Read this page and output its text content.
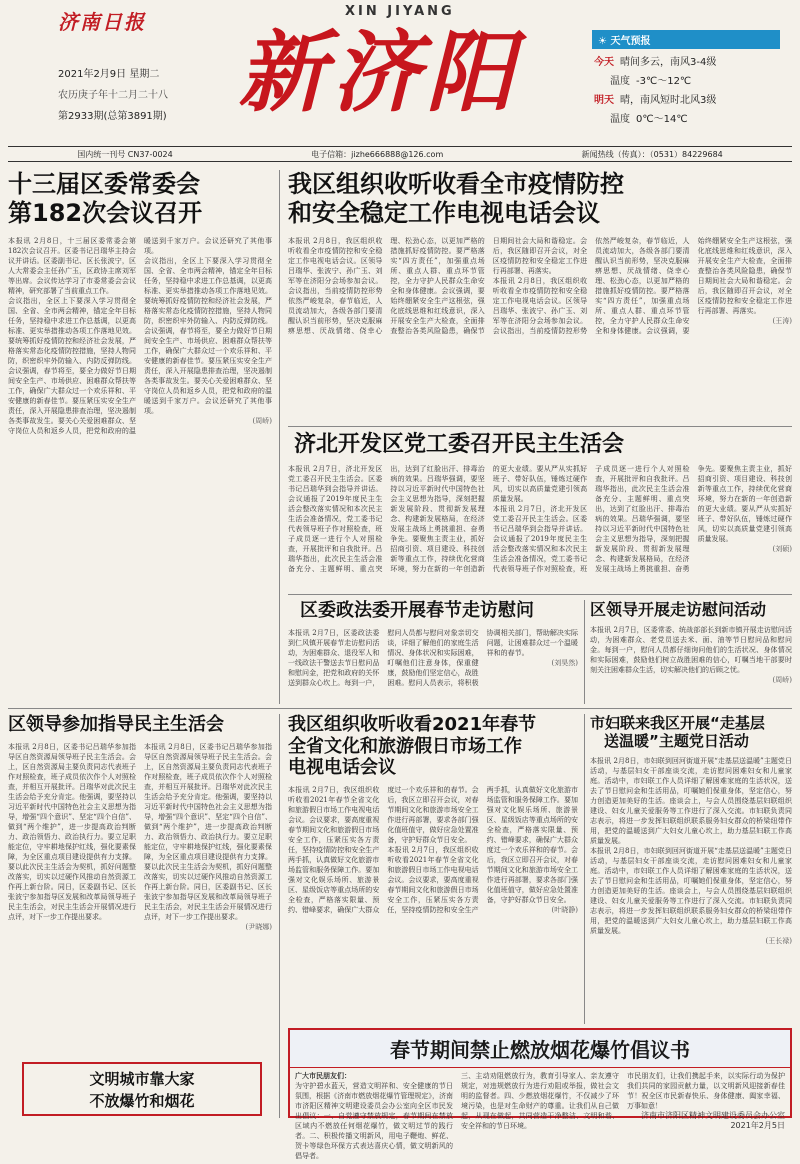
济南日报
2021年2月9日 星期二
农历庚子年十二月二十八
第2933期(总第3891期)
XIN JIYANG
新济阳	☀ 天气预报
今天 晴间多云，南风3-4级
温度 -3℃～12℃
明天 晴，南风短时北风3级
温度 0℃～14℃
国内统一刊号 CN37-0024	电子信箱：jizhe666888@126.com	新闻热线（传真）：（0531）84229684
十三届区委常委会
第182次会议召开

本报讯 2月8日，十三届区委常委会第182次会议召开。区委书记吕瑞华主持会议并讲话。区委副书记、区长张波宁，区人大常委会主任孙广玉，区政协主席刘军等出席。会议传达学习了市委常委会会议精神，研究部署了当前重点工作。

会议指出，全区上下要深入学习贯彻全国、全省、全市两会精神，锚定全年目标任务，坚持稳中求进工作总基调，以更高标准、更实举措推动各项工作落地见效。要统筹抓好疫情防控和经济社会发展，严格落实常态化疫情防控措施，坚持人物同防，织密织牢外防输入、内防反弹防线。会议强调，春节将至，要全力做好节日期间安全生产、市场供应、困难群众帮扶等工作，确保广大群众过一个欢乐祥和、平安健康的新春佳节。要压紧压实安全生产责任，深入开展隐患排查治理，坚决遏制各类事故发生。要关心关爱困难群众、坚守岗位人员和返乡人员，把党和政府的温暖送到千家万户。会议还研究了其他事项。

会议指出，全区上下要深入学习贯彻全国、全省、全市两会精神，锚定全年目标任务，坚持稳中求进工作总基调，以更高标准、更实举措推动各项工作落地见效。要统筹抓好疫情防控和经济社会发展，严格落实常态化疫情防控措施，坚持人物同防，织密织牢外防输入、内防反弹防线。会议强调，春节将至，要全力做好节日期间安全生产、市场供应、困难群众帮扶等工作，确保广大群众过一个欢乐祥和、平安健康的新春佳节。要压紧压实安全生产责任，深入开展隐患排查治理，坚决遏制各类事故发生。要关心关爱困难群众、坚守岗位人员和返乡人员，把党和政府的温暖送到千家万户。会议还研究了其他事项。

(周峤)

我区组织收听收看全市疫情防控
和安全稳定工作电视电话会议

本报讯 2月8日，我区组织收听收看全市疫情防控和安全稳定工作电视电话会议。区领导吕瑞华、张波宁、孙广玉、刘军等在济阳分会场参加会议。会议指出，当前疫情防控形势依然严峻复杂，春节临近，人员流动加大，各级各部门要清醒认识当前形势，坚决克服麻痹思想、厌战情绪、侥幸心理、松劲心态，以更加严格的措施抓好疫情防控。要严格落实“四方责任”，加强重点场所、重点人群、重点环节管控，全力守护人民群众生命安全和身体健康。会议强调，要始终绷紧安全生产这根弦，强化底线思维和红线意识，深入开展安全生产大检查，全面排查整治各类风险隐患，确保节日期间社会大局和谐稳定。会后，我区随即召开会议，对全区疫情防控和安全稳定工作进行再部署、再落实。

本报讯 2月8日，我区组织收听收看全市疫情防控和安全稳定工作电视电话会议。区领导吕瑞华、张波宁、孙广玉、刘军等在济阳分会场参加会议。会议指出，当前疫情防控形势依然严峻复杂，春节临近，人员流动加大，各级各部门要清醒认识当前形势，坚决克服麻痹思想、厌战情绪、侥幸心理、松劲心态，以更加严格的措施抓好疫情防控。要严格落实“四方责任”，加强重点场所、重点人群、重点环节管控，全力守护人民群众生命安全和身体健康。会议强调，要始终绷紧安全生产这根弦，强化底线思维和红线意识，深入开展安全生产大检查，全面排查整治各类风险隐患，确保节日期间社会大局和谐稳定。会后，我区随即召开会议，对全区疫情防控和安全稳定工作进行再部署、再落实。

(王涛)

济北开发区党工委召开民主生活会

本报讯 2月7日，济北开发区党工委召开民主生活会。区委书记吕瑞华到会指导并讲话。会议通报了2019年度民主生活会整改落实情况和本次民主生活会准备情况，党工委书记代表领导班子作对照检查，班子成员逐一进行个人对照检查，开展批评和自我批评。吕瑞华指出，此次民主生活会准备充分、主题鲜明、重点突出，达到了红脸出汗、排毒治病的效果。吕瑞华强调，要坚持以习近平新时代中国特色社会主义思想为指导，深刻把握新发展阶段、贯彻新发展理念、构建新发展格局，在经济发展主战场上勇挑重担、奋勇争先。要聚焦主责主业，抓好招商引资、项目建设、科技创新等重点工作，持续优化营商环境，努力在新的一年创造新的更大业绩。要从严从实抓好班子、带好队伍，锤炼过硬作风，切实以高质量党建引领高质量发展。

本报讯 2月7日，济北开发区党工委召开民主生活会。区委书记吕瑞华到会指导并讲话。会议通报了2019年度民主生活会整改落实情况和本次民主生活会准备情况，党工委书记代表领导班子作对照检查，班子成员逐一进行个人对照检查，开展批评和自我批评。吕瑞华指出，此次民主生活会准备充分、主题鲜明、重点突出，达到了红脸出汗、排毒治病的效果。吕瑞华强调，要坚持以习近平新时代中国特色社会主义思想为指导，深刻把握新发展阶段、贯彻新发展理念、构建新发展格局，在经济发展主战场上勇挑重担、奋勇争先。要聚焦主责主业，抓好招商引资、项目建设、科技创新等重点工作，持续优化营商环境，努力在新的一年创造新的更大业绩。要从严从实抓好班子、带好队伍，锤炼过硬作风，切实以高质量党建引领高质量发展。

(刘硕)

区委政法委开展春节走访慰问

本报讯 2月7日，区委政法委到仁风镇开展春节走访慰问活动，为困难群众、退役军人和一线政法干警送去节日慰问品和慰问金，把党和政府的关怀送到群众心坎上。每到一户，慰问人员都与慰问对象亲切交谈，详细了解他们的家庭生活情况、身体状况和实际困难，叮嘱他们注意身体，保重健康，鼓励他们坚定信心，战胜困难。慰问人员表示，将积极协调相关部门，帮助解决实际问题，让困难群众过一个温暖祥和的春节。

(刘昊然)

区领导开展走访慰问活动

本报讯 2月7日，区委常委、统战部部长到新市镇开展走访慰问活动，为困难群众、老党员送去米、面、油等节日慰问品和慰问金。每到一户，慰问人员都仔细询问他们的生活状况、身体情况和实际困难，鼓励他们树立战胜困难的信心，叮嘱当地干部要时刻关注困难群众生活，切实解决他们的后顾之忧。

(周峤)

区领导参加指导民主生活会

本报讯 2月8日，区委书记吕瑞华参加指导区自然资源局领导班子民主生活会。会上，区自然资源局主要负责同志代表班子作对照检查，班子成员依次作个人对照检查，并相互开展批评。吕瑞华对此次民主生活会给予充分肯定。他强调，要坚持以习近平新时代中国特色社会主义思想为指导，增强“四个意识”、坚定“四个自信”、做到“两个维护”，进一步提高政治判断力、政治领悟力、政治执行力。要立足职能定位，守牢耕地保护红线，强化要素保障，为全区重点项目建设提供有力支撑。要以此次民主生活会为契机，抓好问题整改落实，切实以过硬作风推动自然资源工作再上新台阶。同日，区委副书记、区长张波宁参加指导区发展和改革局领导班子民主生活会，对民主生活会开展情况进行点评，对下一步工作提出要求。

本报讯 2月8日，区委书记吕瑞华参加指导区自然资源局领导班子民主生活会。会上，区自然资源局主要负责同志代表班子作对照检查，班子成员依次作个人对照检查，并相互开展批评。吕瑞华对此次民主生活会给予充分肯定。他强调，要坚持以习近平新时代中国特色社会主义思想为指导，增强“四个意识”、坚定“四个自信”、做到“两个维护”，进一步提高政治判断力、政治领悟力、政治执行力。要立足职能定位，守牢耕地保护红线，强化要素保障，为全区重点项目建设提供有力支撑。要以此次民主生活会为契机，抓好问题整改落实，切实以过硬作风推动自然资源工作再上新台阶。同日，区委副书记、区长张波宁参加指导区发展和改革局领导班子民主生活会，对民主生活会开展情况进行点评，对下一步工作提出要求。

(尹晓娜)

文明城市靠大家
不放爆竹和烟花
我区组织收听收看2021年春节
全省文化和旅游假日市场工作
电视电话会议

本报讯 2月7日，我区组织收听收看2021年春节全省文化和旅游假日市场工作电视电话会议。会议要求，要高度重视春节期间文化和旅游假日市场安全工作，压紧压实各方责任，坚持疫情防控和安全生产两手抓，认真做好文化旅游市场监管和服务保障工作。要加强对文化娱乐场所、旅游景区、星级饭店等重点场所的安全检查，严格落实限量、预约、错峰要求，确保广大群众度过一个欢乐祥和的春节。会后，我区立即召开会议，对春节期间文化和旅游市场安全工作进行再部署，要求各部门强化值班值守，做好应急处置准备，守护好群众节日安全。

本报讯 2月7日，我区组织收听收看2021年春节全省文化和旅游假日市场工作电视电话会议。会议要求，要高度重视春节期间文化和旅游假日市场安全工作，压紧压实各方责任，坚持疫情防控和安全生产两手抓，认真做好文化旅游市场监管和服务保障工作。要加强对文化娱乐场所、旅游景区、星级饭店等重点场所的安全检查，严格落实限量、预约、错峰要求，确保广大群众度过一个欢乐祥和的春节。会后，我区立即召开会议，对春节期间文化和旅游市场安全工作进行再部署，要求各部门强化值班值守，做好应急处置准备，守护好群众节日安全。

(叶晓静)

市妇联来我区开展“走基层
送温暖”主题党日活动

本报讯 2月8日，市妇联到回河街道开展“走基层送温暖”主题党日活动，与基层妇女干部座谈交流，走访慰问困难妇女和儿童家庭。活动中，市妇联工作人员详细了解困难家庭的生活状况，送去了节日慰问金和生活用品，叮嘱她们保重身体，坚定信心，努力创造更加美好的生活。座谈会上，与会人员围绕基层妇联组织建设、妇女儿童关爱服务等工作进行了深入交流。市妇联负责同志表示，将进一步发挥妇联组织联系服务妇女群众的桥梁纽带作用，把党的温暖送到广大妇女儿童心坎上，助力基层妇联工作高质量发展。

本报讯 2月8日，市妇联到回河街道开展“走基层送温暖”主题党日活动，与基层妇女干部座谈交流，走访慰问困难妇女和儿童家庭。活动中，市妇联工作人员详细了解困难家庭的生活状况，送去了节日慰问金和生活用品，叮嘱她们保重身体，坚定信心，努力创造更加美好的生活。座谈会上，与会人员围绕基层妇联组织建设、妇女儿童关爱服务等工作进行了深入交流。市妇联负责同志表示，将进一步发挥妇联组织联系服务妇女群众的桥梁纽带作用，把党的温暖送到广大妇女儿童心坎上，助力基层妇联工作高质量发展。

(王长禄)

春节期间禁止燃放烟花爆竹倡议书

广大市民朋友们：

为守护碧水蓝天，营造文明祥和、安全健康的节日氛围，根据《济南市燃放烟花爆竹管理规定》，济南市济阳区精神文明建设委员会办公室向全区市民发出倡议：一、自觉遵守禁放规定，春节期间在禁放区域内不燃放任何烟花爆竹，做文明过节的践行者。二、积极传播文明新风，用电子鞭炮、鲜花、贺卡等绿色环保方式表达喜庆心情，做文明新风的倡导者。

三、主动劝阻燃放行为，教育引导家人、亲友遵守规定，对违规燃放行为进行劝阻或举报，做社会文明的监督者。四、少燃放烟花爆竹，不仅减少了环境污染，也是对生命财产的尊重。让我们从自己做起，从现在做起，共同营造干净整洁、文明和谐、安全祥和的节日环境。

市民朋友们，让我们携起手来，以实际行动为保护我们共同的家园贡献力量，以文明新风迎接新春佳节！祝全区市民新春快乐、身体健康、阖家幸福、万事如意！

济南市济阳区精神文明建设委员会办公室

2021年2月5日
